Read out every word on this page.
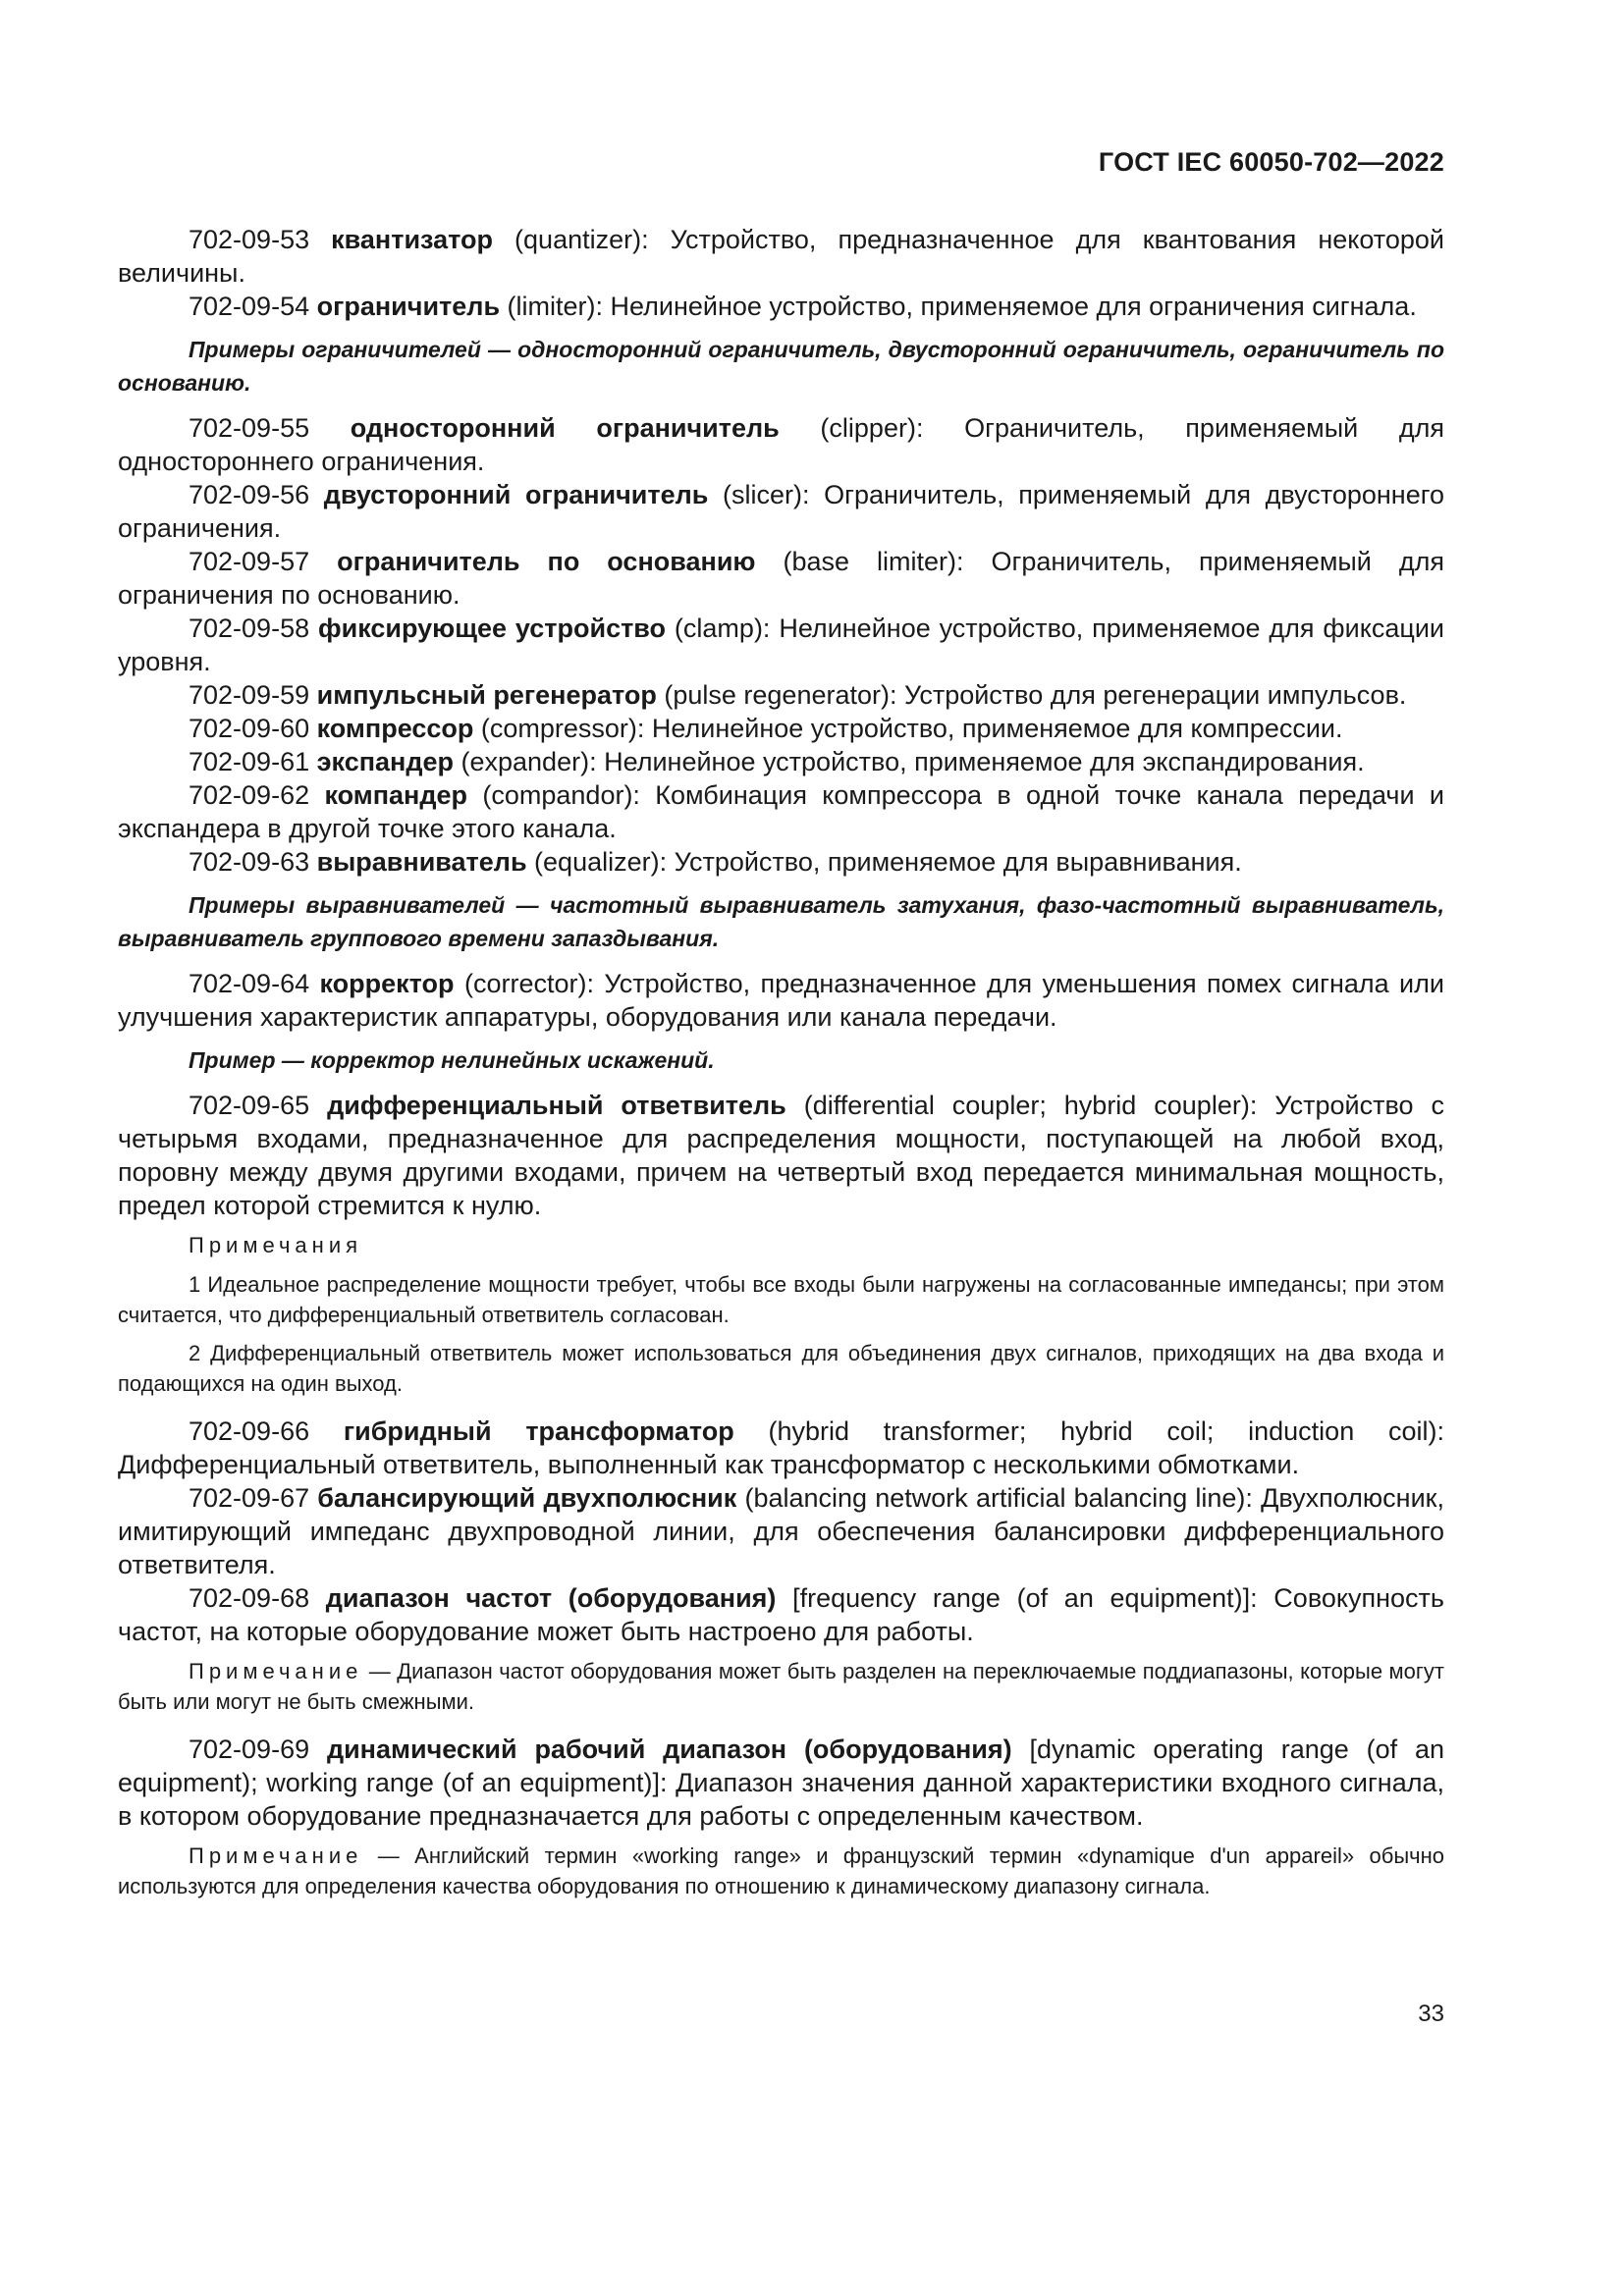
ГОСТ IEC 60050-702—2022

702-09-53 квантизатор (quantizer): Устройство, предназначенное для квантования некоторой величины.

702-09-54 ограничитель (limiter): Нелинейное устройство, применяемое для ограничения сигнала.

Примеры ограничителей — односторонний ограничитель, двусторонний ограничитель, ограничитель по основанию.

702-09-55 односторонний ограничитель (clipper): Ограничитель, применяемый для одностороннего ограничения.

702-09-56 двусторонний ограничитель (slicer): Ограничитель, применяемый для двустороннего ограничения.

702-09-57 ограничитель по основанию (base limiter): Ограничитель, применяемый для ограничения по основанию.

702-09-58 фиксирующее устройство (clamp): Нелинейное устройство, применяемое для фиксации уровня.

702-09-59 импульсный регенератор (pulse regenerator): Устройство для регенерации импульсов.

702-09-60 компрессор (compressor): Нелинейное устройство, применяемое для компрессии.

702-09-61 экспандер (expander): Нелинейное устройство, применяемое для экспандирования.

702-09-62 компандер (compandor): Комбинация компрессора в одной точке канала передачи и экспандера в другой точке этого канала.

702-09-63 выравниватель (equalizer): Устройство, применяемое для выравнивания.

Примеры выравнивателей — частотный выравниватель затухания, фазо-частотный выравниватель, выравниватель группового времени запаздывания.

702-09-64 корректор (corrector): Устройство, предназначенное для уменьшения помех сигнала или улучшения характеристик аппаратуры, оборудования или канала передачи.

Пример — корректор нелинейных искажений.

702-09-65 дифференциальный ответвитель (differential coupler; hybrid coupler): Устройство с четырьмя входами, предназначенное для распределения мощности, поступающей на любой вход, поровну между двумя другими входами, причем на четвертый вход передается минимальная мощность, предел которой стремится к нулю.

Примечания

1 Идеальное распределение мощности требует, чтобы все входы были нагружены на согласованные импедансы; при этом считается, что дифференциальный ответвитель согласован.

2 Дифференциальный ответвитель может использоваться для объединения двух сигналов, приходящих на два входа и подающихся на один выход.

702-09-66 гибридный трансформатор (hybrid transformer; hybrid coil; induction coil): Дифференциальный ответвитель, выполненный как трансформатор с несколькими обмотками.

702-09-67 балансирующий двухполюсник (balancing network artificial balancing line): Двухполюсник, имитирующий импеданс двухпроводной линии, для обеспечения балансировки дифференциального ответвителя.

702-09-68 диапазон частот (оборудования) [frequency range (of an equipment)]: Совокупность частот, на которые оборудование может быть настроено для работы.

Примечание — Диапазон частот оборудования может быть разделен на переключаемые поддиапазоны, которые могут быть или могут не быть смежными.

702-09-69 динамический рабочий диапазон (оборудования) [dynamic operating range (of an equipment); working range (of an equipment)]: Диапазон значения данной характеристики входного сигнала, в котором оборудование предназначается для работы с определенным качеством.

Примечание — Английский термин «working range» и французский термин «dynamique d'un appareil» обычно используются для определения качества оборудования по отношению к динамическому диапазону сигнала.

33
